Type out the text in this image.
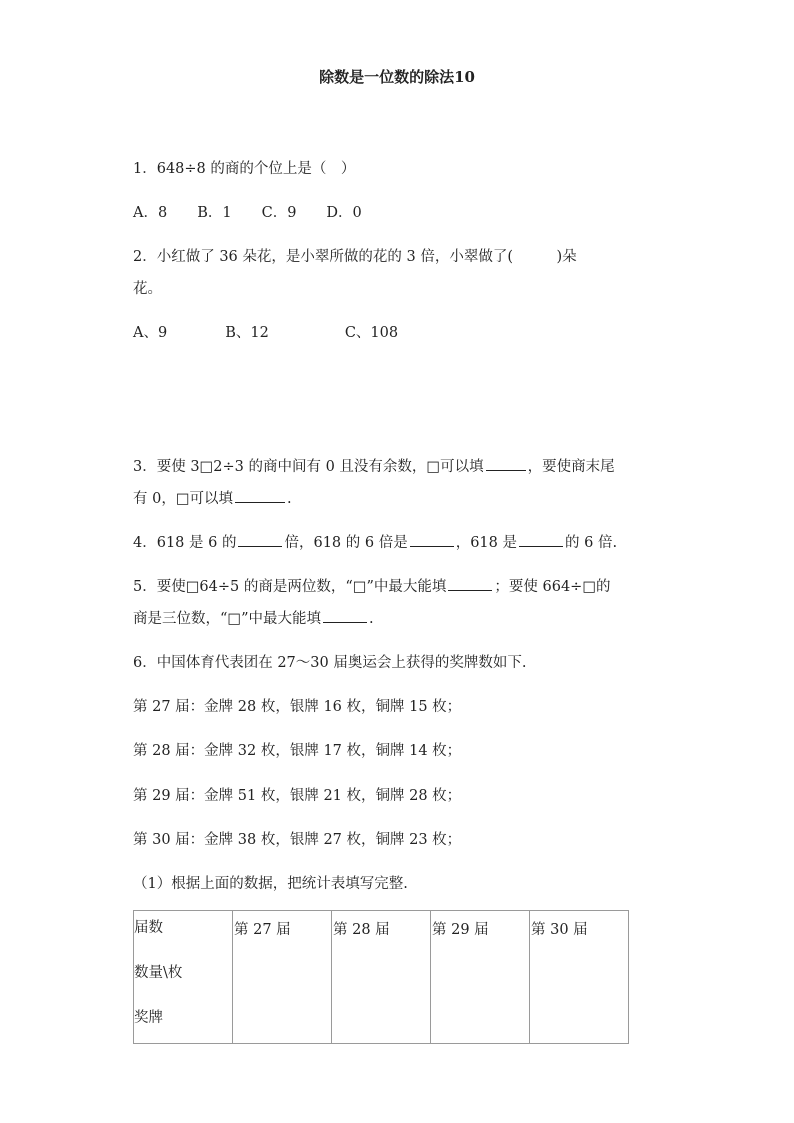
除数是一位数的除法10
1．648÷8 的商的个位上是（　）
A．8 B．1 C．9 D．0
2．小红做了 36 朵花，是小翠所做的花的 3 倍，小翠做了(　　　)朵
花。
A、9	B、12	C、108
3．要使 3□2÷3 的商中间有 0 且没有余数，□可以填	，要使商末尾
有 0，□可以填	.
4．618 是 6 的	倍，618 的 6 倍是	，618 是	的 6 倍.
5．要使□64÷5 的商是两位数，“□”中最大能填	；要使 664÷□的
商是三位数，“□”中最大能填	.
6．中国体育代表团在 27～30 届奥运会上获得的奖牌数如下.
第 27 届：金牌 28 枚，银牌 16 枚，铜牌 15 枚；
第 28 届：金牌 32 枚，银牌 17 枚，铜牌 14 枚；
第 29 届：金牌 51 枚，银牌 21 枚，铜牌 28 枚；
第 30 届：金牌 38 枚，银牌 27 枚，铜牌 23 枚；
（1）根据上面的数据，把统计表填写完整.
届数
数量\枚
奖牌

第 27 届	第 28 届	第 29 届	第 30 届
